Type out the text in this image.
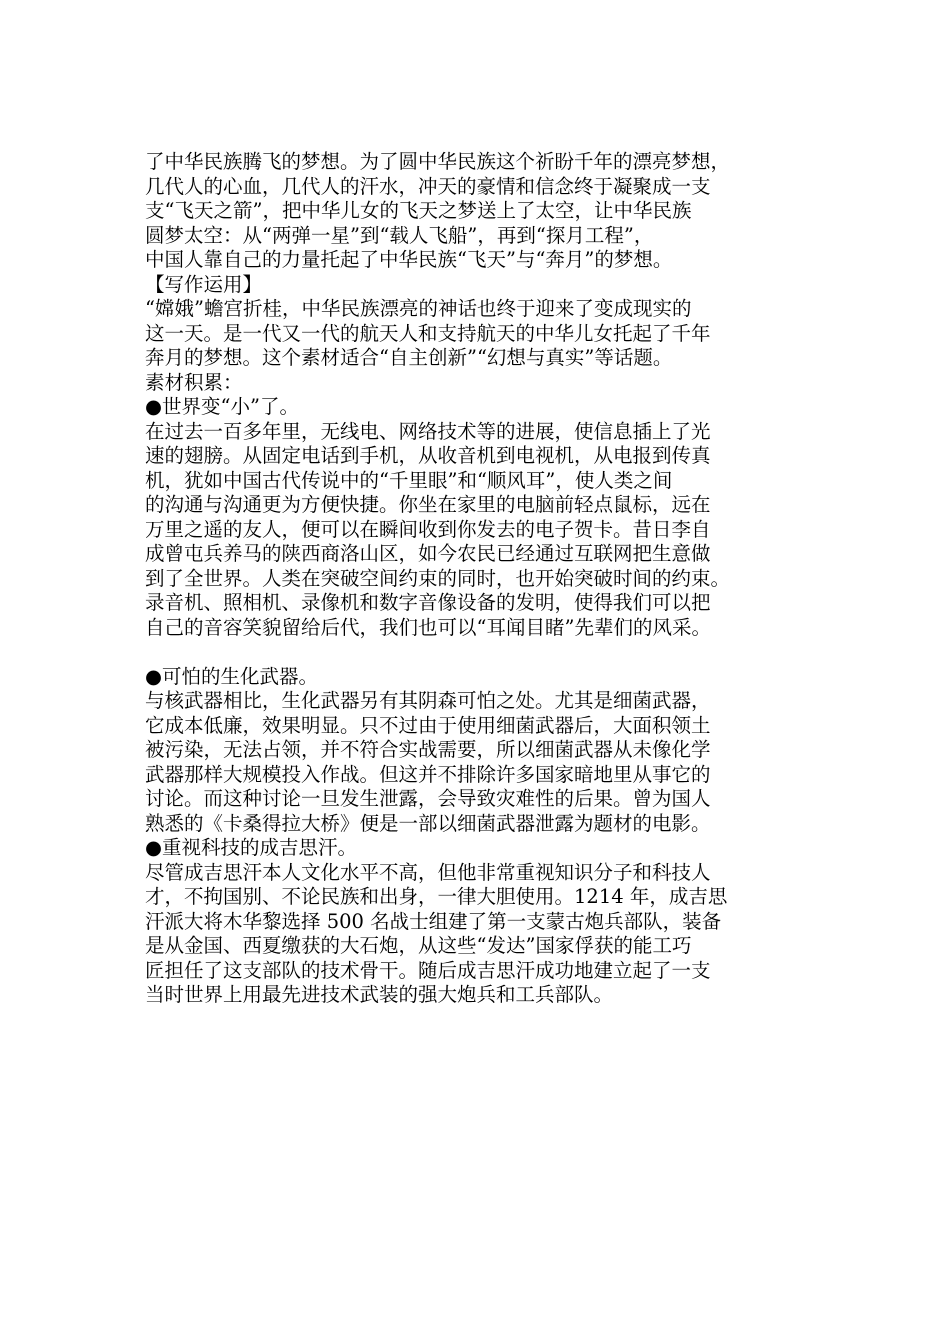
了中华民族腾飞的梦想。为了圆中华民族这个祈盼千年的漂亮梦想，
几代人的心血，几代人的汗水，冲天的豪情和信念终于凝聚成一支
支“飞天之箭”，把中华儿女的飞天之梦送上了太空，让中华民族
圆梦太空：从“两弹一星”到“载人飞船”，再到“探月工程”，
中国人靠自己的力量托起了中华民族“飞天”与“奔月”的梦想。
【写作运用】
“嫦娥”蟾宫折桂，中华民族漂亮的神话也终于迎来了变成现实的
这一天。是一代又一代的航天人和支持航天的中华儿女托起了千年
奔月的梦想。这个素材适合“自主创新”“幻想与真实”等话题。
素材积累：
●世界变“小”了。
在过去一百多年里，无线电、网络技术等的进展，使信息插上了光
速的翅膀。从固定电话到手机，从收音机到电视机，从电报到传真
机，犹如中国古代传说中的“千里眼”和“顺风耳”，使人类之间
的沟通与沟通更为方便快捷。你坐在家里的电脑前轻点鼠标，远在
万里之遥的友人，便可以在瞬间收到你发去的电子贺卡。昔日李自
成曾屯兵养马的陕西商洛山区，如今农民已经通过互联网把生意做
到了全世界。人类在突破空间约束的同时，也开始突破时间的约束。
录音机、照相机、录像机和数字音像设备的发明，使得我们可以把
自己的音容笑貌留给后代，我们也可以“耳闻目睹”先辈们的风采。
●可怕的生化武器。
与核武器相比，生化武器另有其阴森可怕之处。尤其是细菌武器，
它成本低廉，效果明显。只不过由于使用细菌武器后，大面积领土
被污染，无法占领，并不符合实战需要，所以细菌武器从未像化学
武器那样大规模投入作战。但这并不排除许多国家暗地里从事它的
讨论。而这种讨论一旦发生泄露，会导致灾难性的后果。曾为国人
熟悉的《卡桑得拉大桥》便是一部以细菌武器泄露为题材的电影。
●重视科技的成吉思汗。
尽管成吉思汗本人文化水平不高，但他非常重视知识分子和科技人
才，不拘国别、不论民族和出身，一律大胆使用。1214 年，成吉思
汗派大将木华黎选择 500 名战士组建了第一支蒙古炮兵部队，装备
是从金国、西夏缴获的大石炮，从这些“发达”国家俘获的能工巧
匠担任了这支部队的技术骨干。随后成吉思汗成功地建立起了一支
当时世界上用最先进技术武装的强大炮兵和工兵部队。
